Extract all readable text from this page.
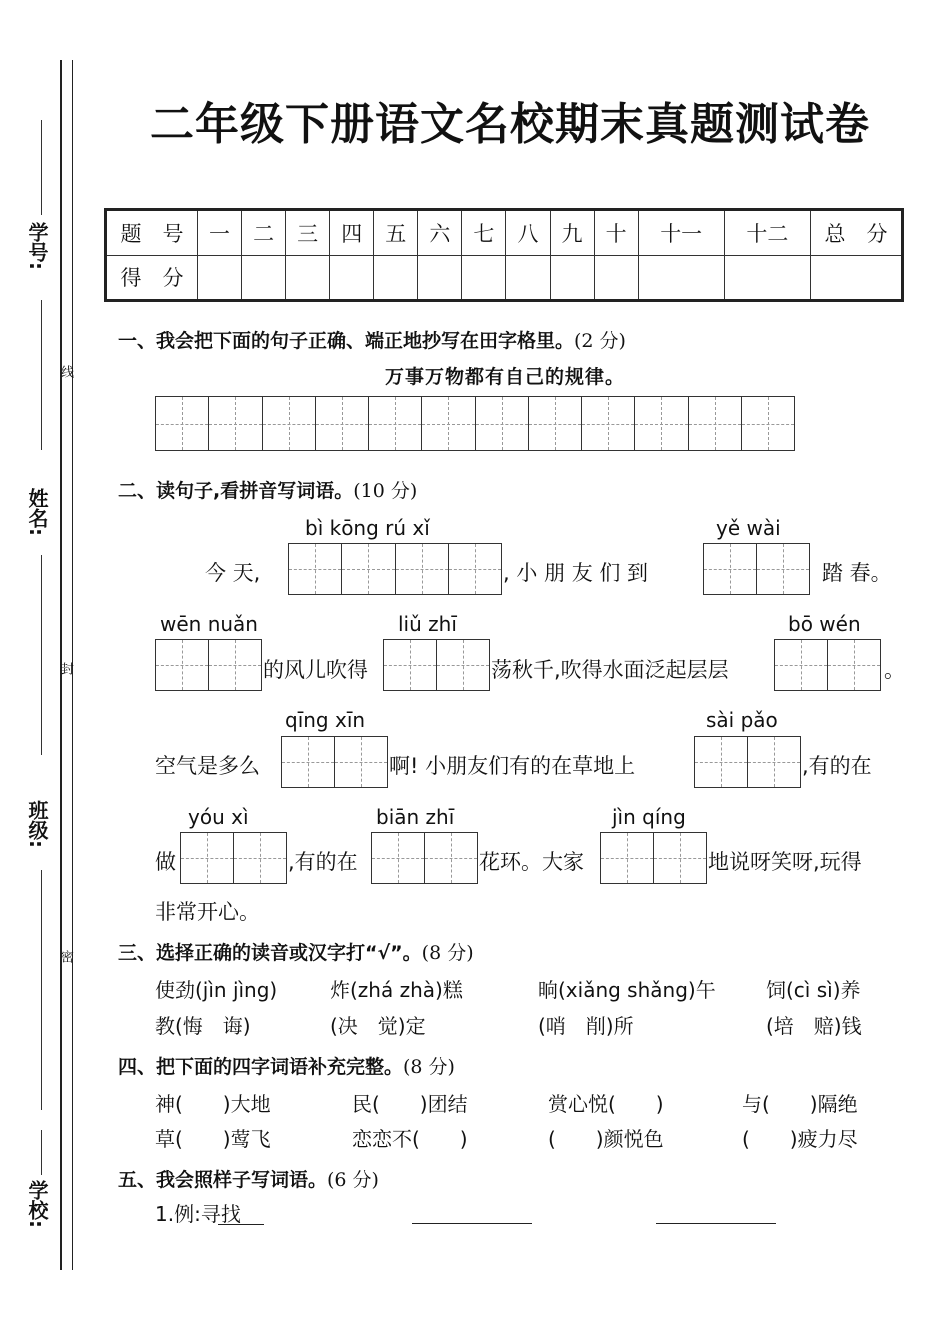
学号:
线
姓名:
封
班级:
密
学校:
二年级下册语文名校期末真题测试卷
题　号	一	二	三	四	五	六	七	八	九	十	十一	十二	总　分
得　分													
一、我会把下面的句子正确、端正地抄写在田字格里。(2 分)
万事万物都有自己的规律。
二、读句子,看拼音写词语。(10 分)
bì kōng rú xǐ	yě wài
今 天,	, 小 朋 友 们 到	踏 春。
wēn nuǎn	liǔ zhī	bō wén
的风儿吹得	荡秋千,吹得水面泛起层层	。
qīng xīn	sài pǎo
空气是多么	啊! 小朋友们有的在草地上	,有的在
yóu xì	biān zhī	jìn qíng
做	,有的在	花环。大家	地说呀笑呀,玩得
非常开心。
三、选择正确的读音或汉字打“√”。(8 分)
使劲(jìn jìng)	炸(zhá zhà)糕	晌(xiǎng shǎng)午	饲(cì sì)养
教(悔　诲)	(决　觉)定	(哨　削)所	(培　赔)钱
四、把下面的四字词语补充完整。(8 分)
神(　　)大地	民(　　)团结	赏心悦(　　)	与(　　)隔绝
草(　　)莺飞	恋恋不(　　)	(　　)颜悦色	(　　)疲力尽
五、我会照样子写词语。(6 分)
1.例:寻找
